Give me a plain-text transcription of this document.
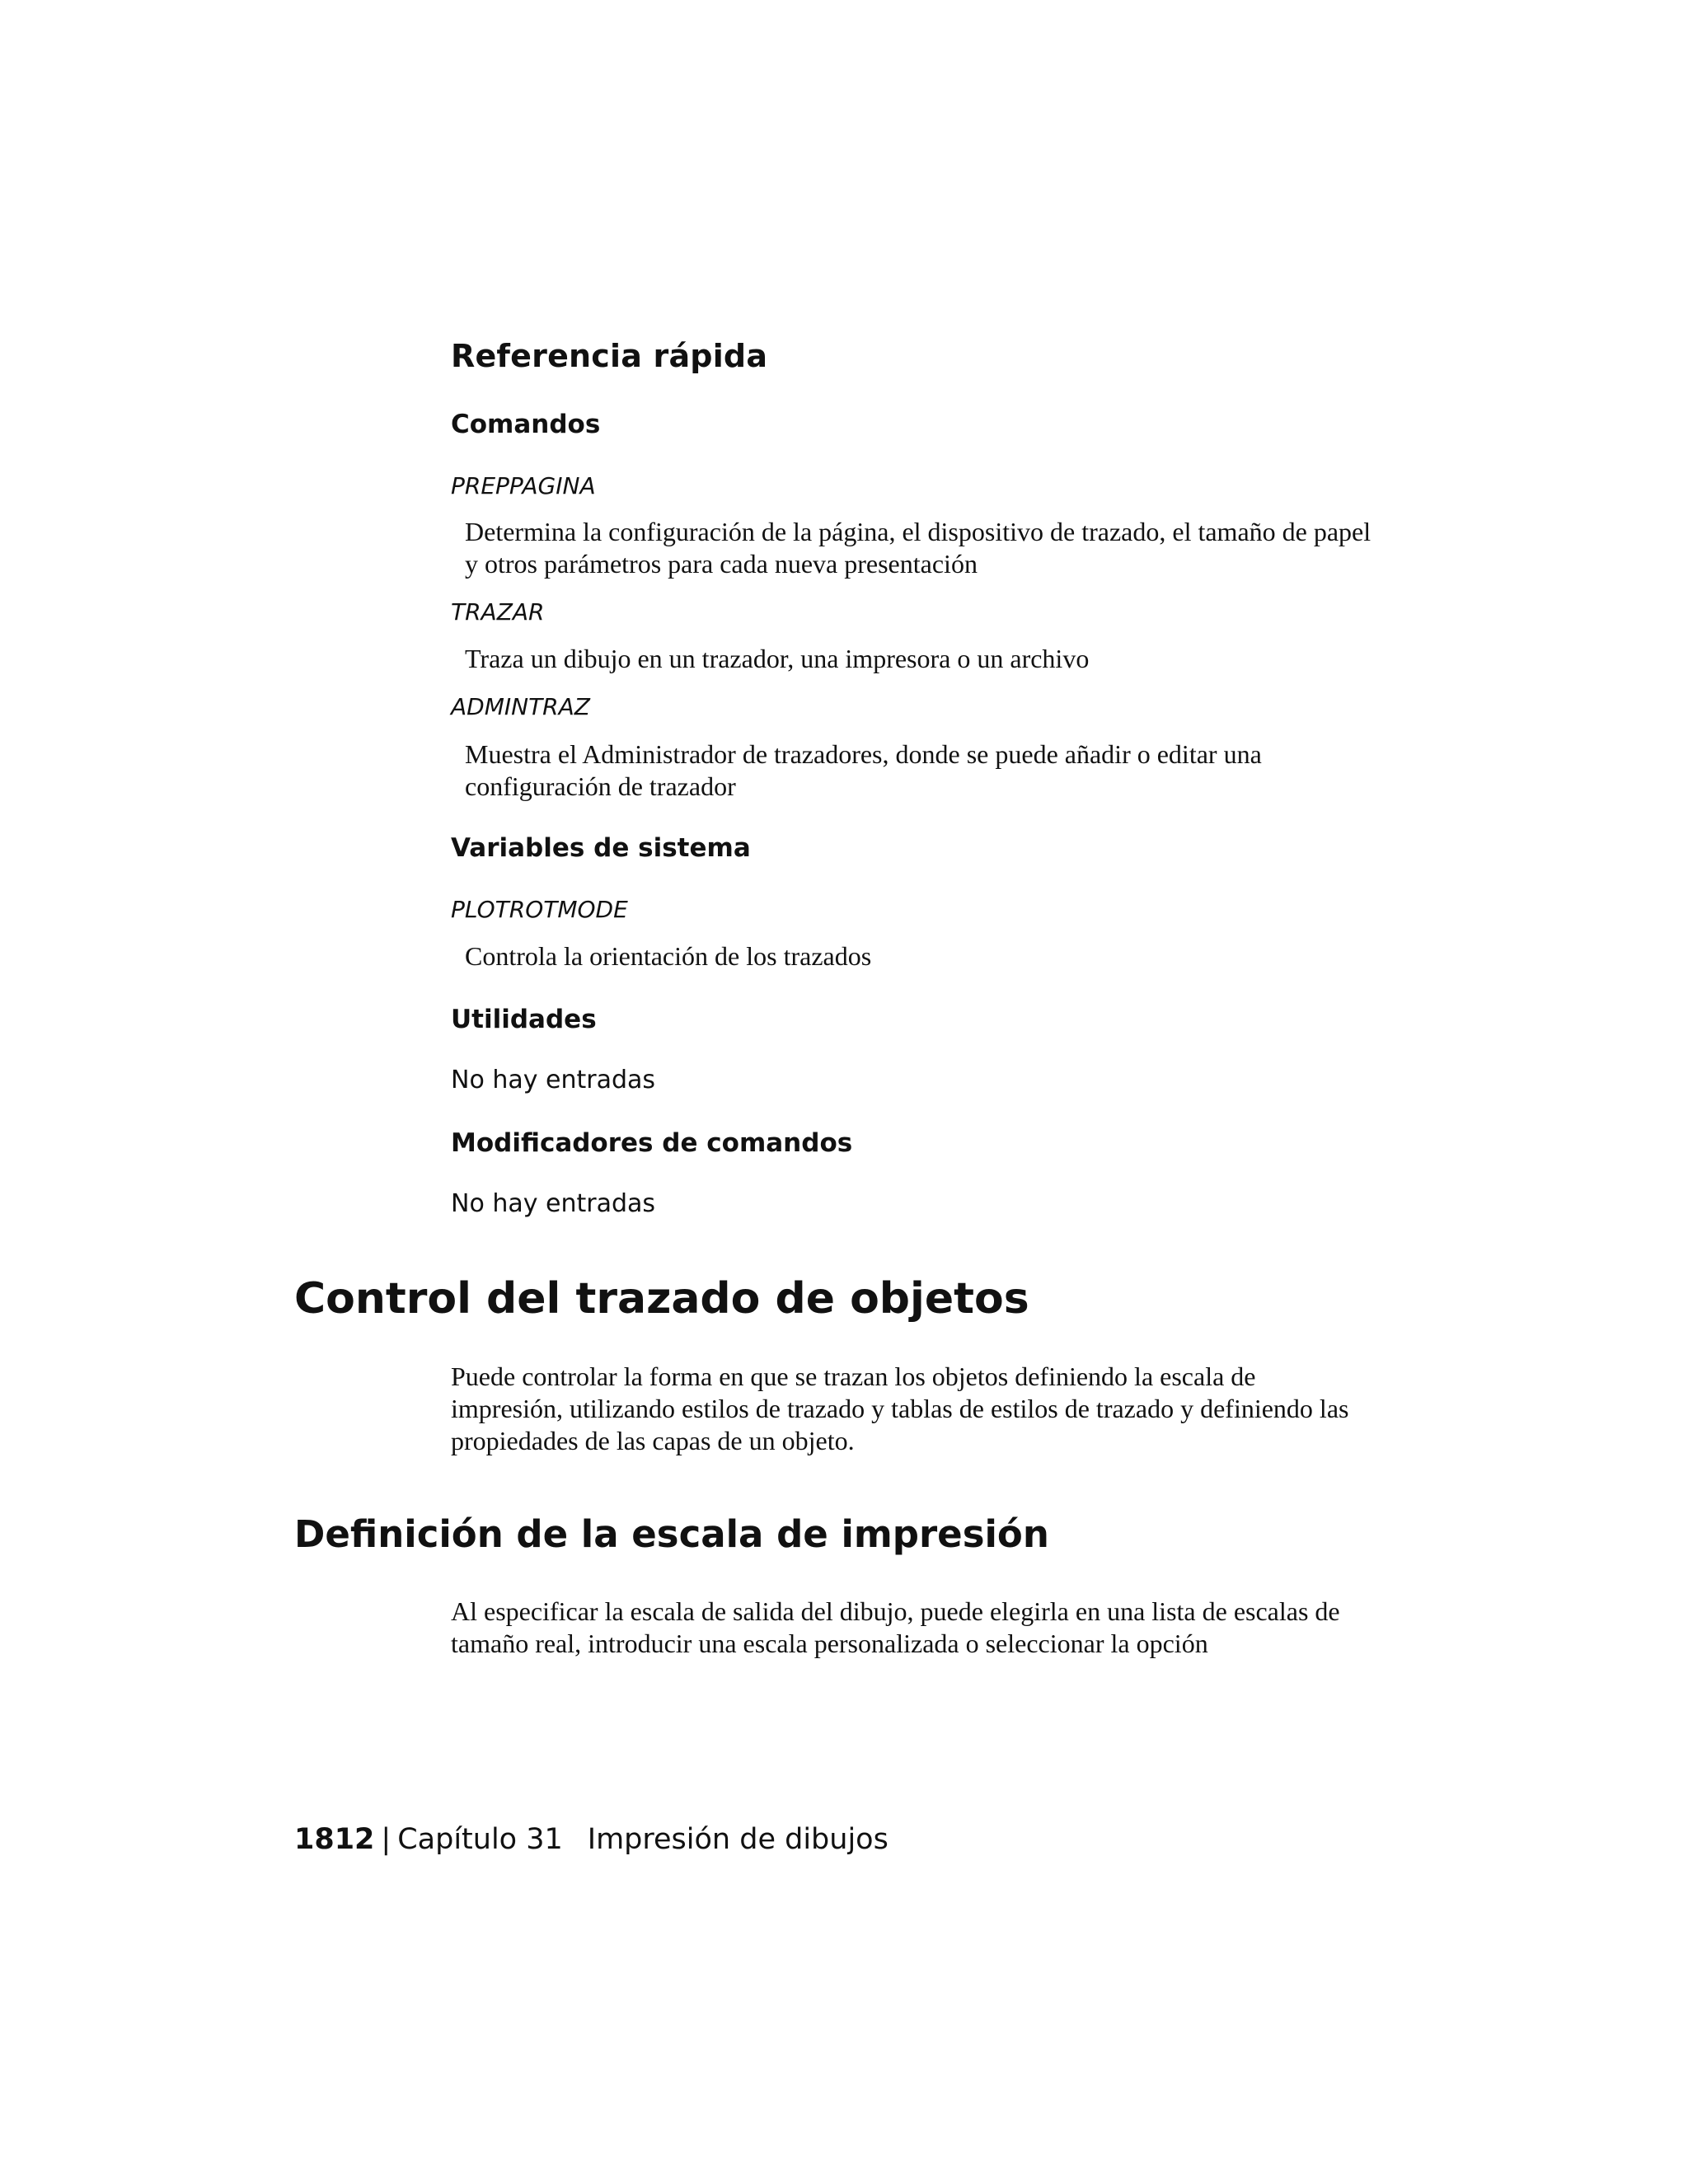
Referencia rápida
Comandos
PREPPAGINA

Determina la configuración de la página, el dispositivo de trazado, el tamaño de papel y otros parámetros para cada nueva presentación

TRAZAR

Traza un dibujo en un trazador, una impresora o un archivo

ADMINTRAZ

Muestra el Administrador de trazadores, donde se puede añadir o editar una configuración de trazador

Variables de sistema
PLOTROTMODE

Controla la orientación de los trazados

Utilidades

No hay entradas

Modificadores de comandos

No hay entradas

Control del trazado de objetos

Puede controlar la forma en que se trazan los objetos definiendo la escala de impresión, utilizando estilos de trazado y tablas de estilos de trazado y definiendo las propiedades de las capas de un objeto.

Definición de la escala de impresión

Al especificar la escala de salida del dibujo, puede elegirla en una lista de escalas de tamaño real, introducir una escala personalizada o seleccionar la opción

1812 | Capítulo 31 Impresión de dibujos
